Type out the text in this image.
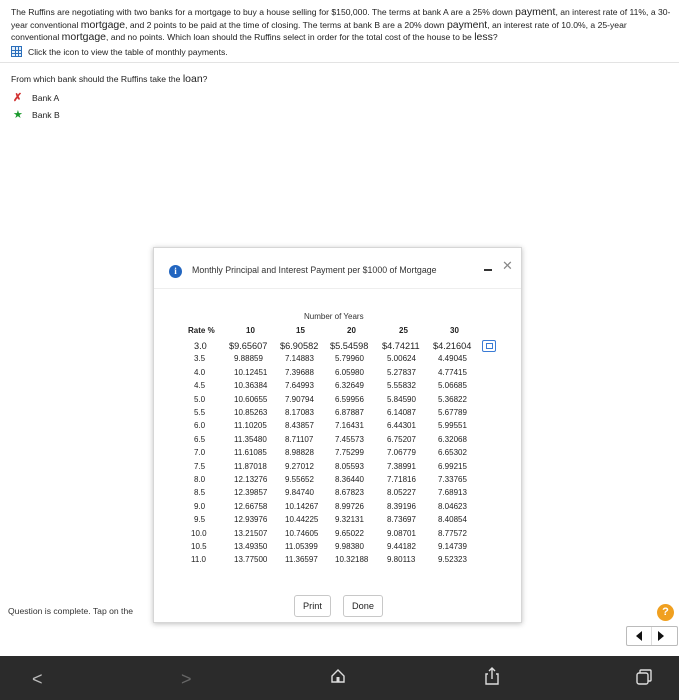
The Ruffins are negotiating with two banks for a mortgage to buy a house selling for $150,000. The terms at bank A are a 25% down payment, an interest rate of 11%, a 30-year conventional mortgage, and 2 points to be paid at the time of closing. The terms at bank B are a 20% down payment, an interest rate of 10.0%, a 25-year conventional mortgage, and no points. Which loan should the Ruffins select in order for the total cost of the house to be less?
Click the icon to view the table of monthly payments.
From which bank should the Ruffins take the loan?
✗ Bank A
★ Bank B
i	Monthly Principal and Interest Payment per $1000 of Mortgage	✕
Number of Years
Rate %	10	15	20	25	30
3.0 $9.65607 $6.90582 $5.54598 $4.74211 $4.21604
3.5	9.88859	7.14883	5.79960	5.00624	4.49045
4.0	10.12451 7.39688	6.05980	5.27837	4.77415
4.5	10.36384 7.64993	6.32649	5.55832	5.06685
5.0	10.60655 7.90794	6.59956	5.84590	5.36822
5.5	10.85263 8.17083	6.87887	6.14087	5.67789
6.0	11.10205 8.43857	7.16431	6.44301	5.99551
6.5	11.35480 8.71107	7.45573	6.75207	6.32068
7.0	11.61085 8.98828	7.75299	7.06779	6.65302
7.5	11.87018 9.27012	8.05593	7.38991	6.99215
8.0	12.13276 9.55652	8.36440	7.71816	7.33765
8.5	12.39857 9.84740	8.67823	8.05227	7.68913
9.0	12.66758 10.14267 8.99726	8.39196	8.04623
9.5	12.93976 10.44225 9.32131	8.73697	8.40854
10.0	13.21507 10.74605 9.65022	9.08701	8.77572
10.5	13.49350 11.05399 9.98380	9.44182	9.14739
11.0	13.77500 11.36597 10.32188 9.80113	9.52323
Print	Done
Question is complete. Tap on the	?
<	>
